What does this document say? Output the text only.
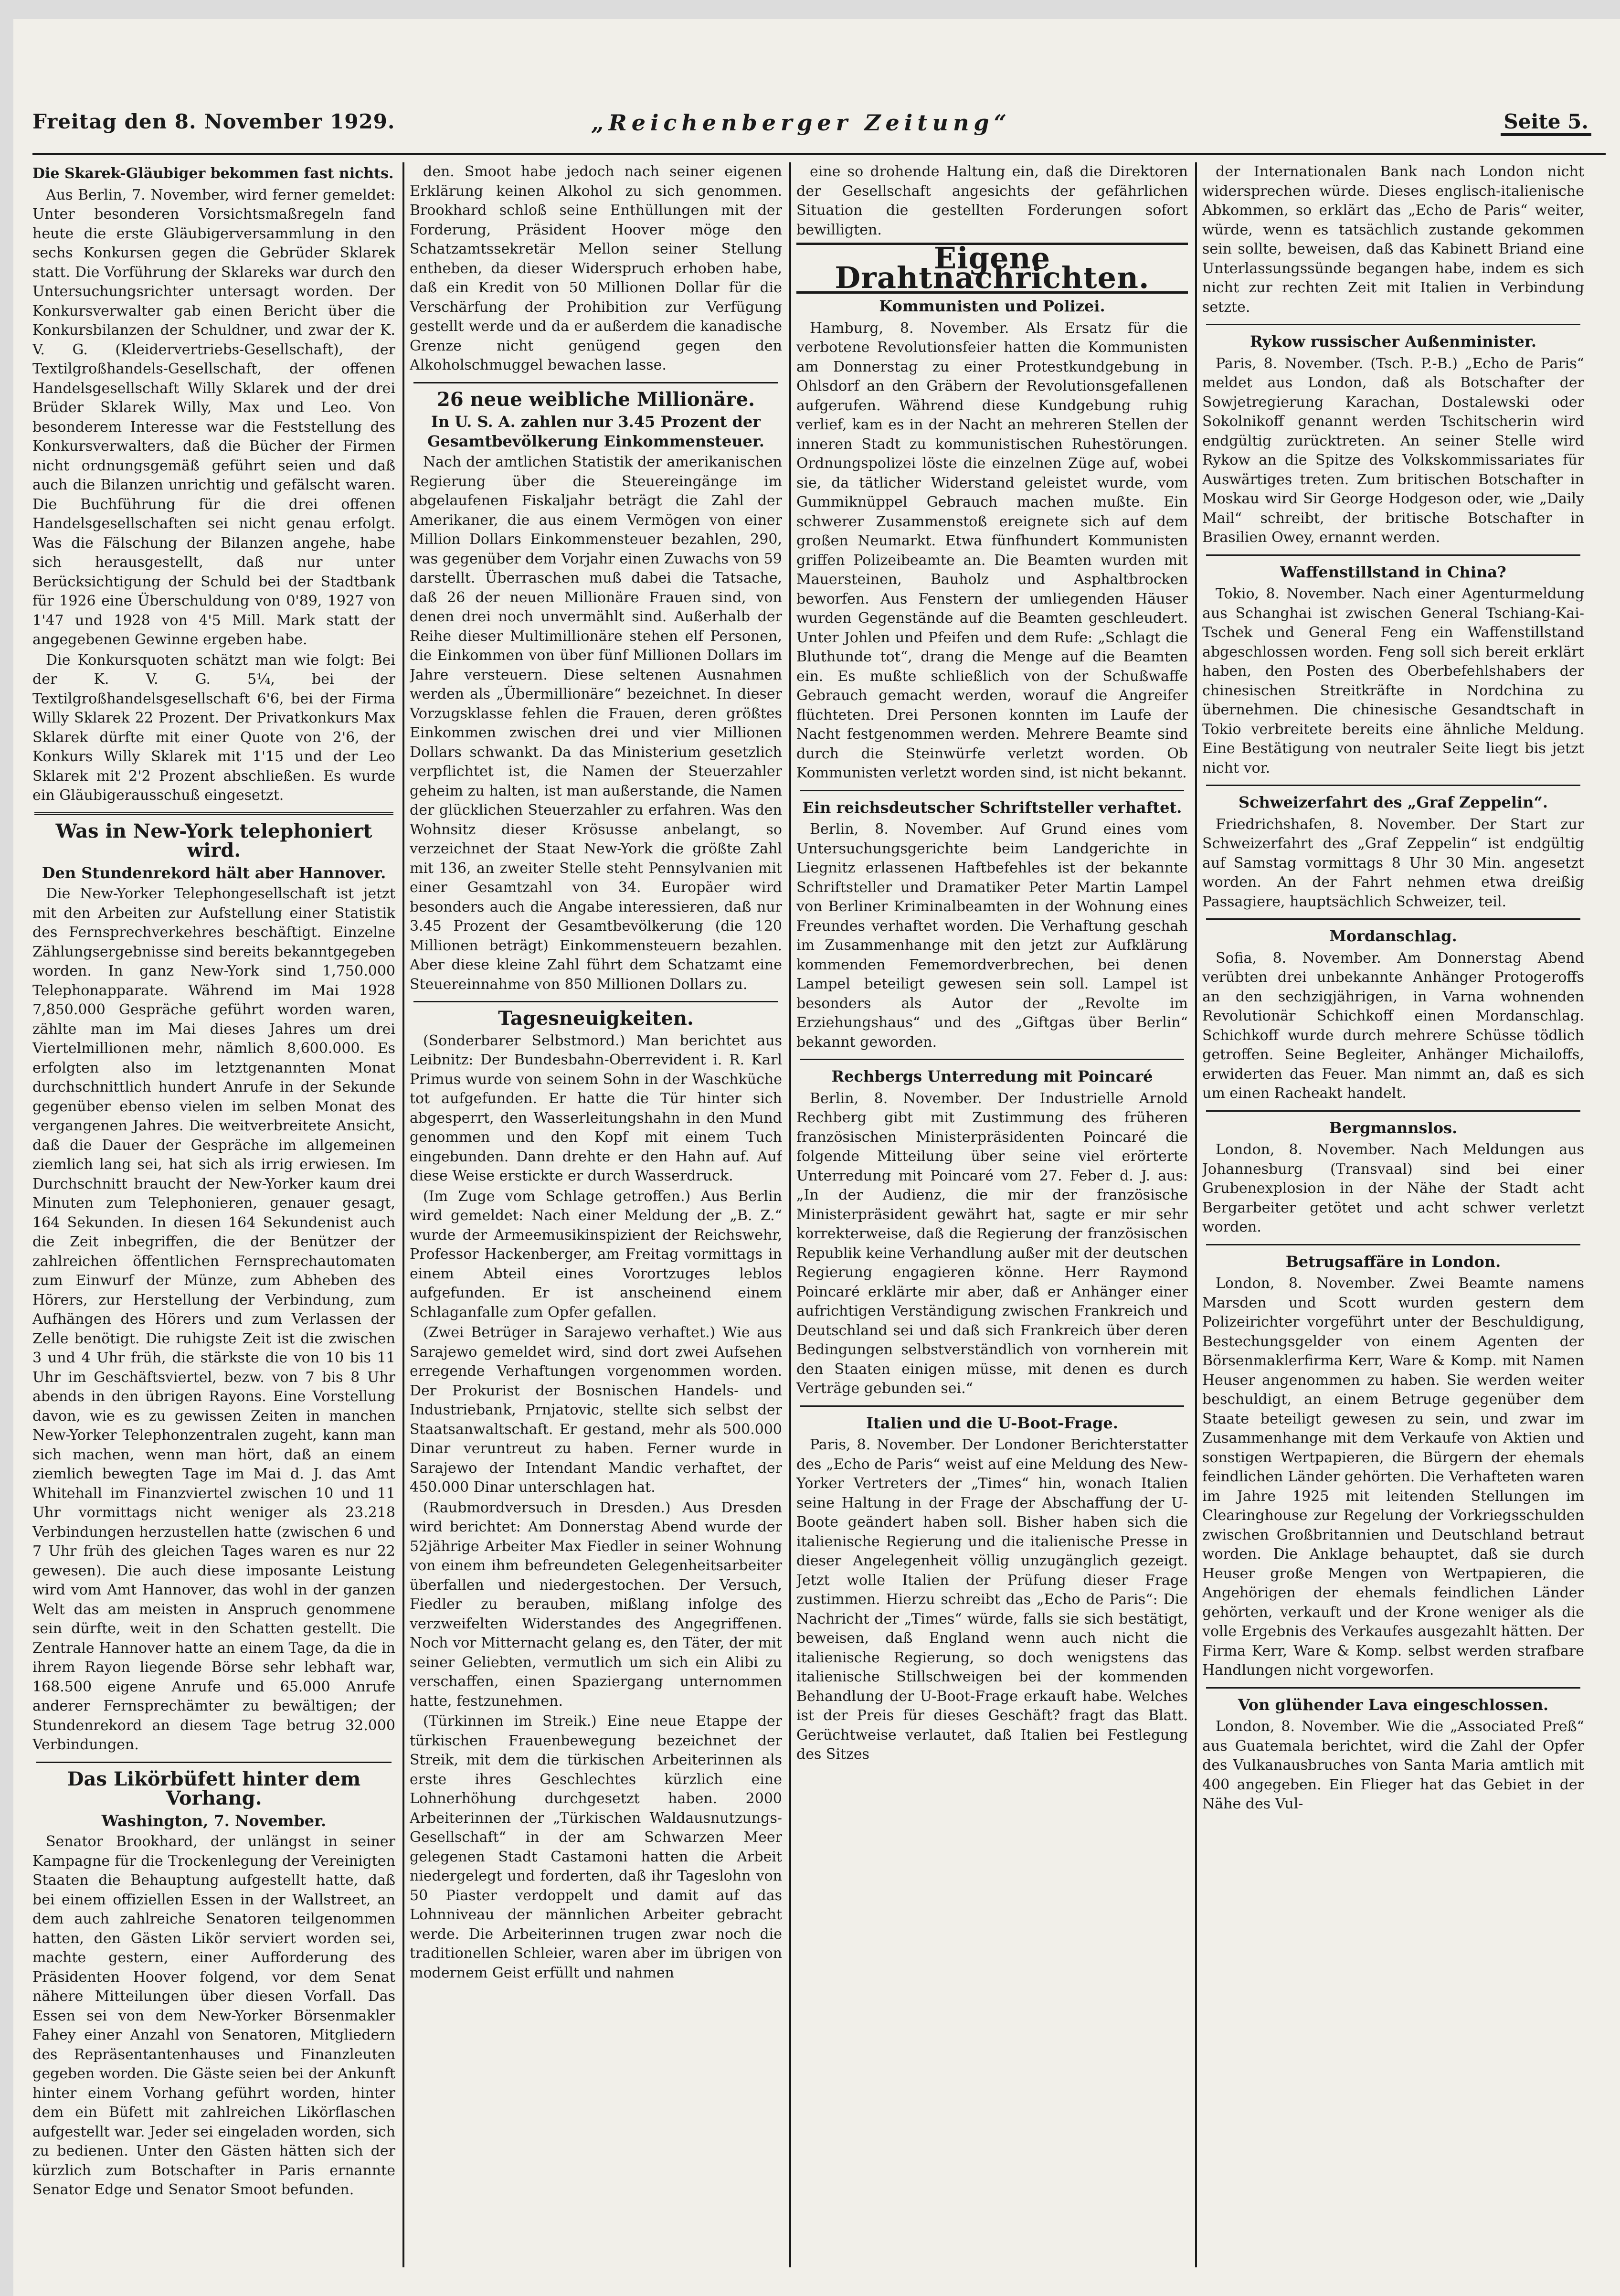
Freitag den 8. November 1929.	„Reichenberger Zeitung“	Seite 5.
Die Skarek-Gläubiger bekommen fast nichts.

Aus Berlin, 7. November, wird ferner gemeldet: Unter besonderen Vorsichtsmaßregeln fand heute die erste Gläubigerversammlung in den sechs Konkursen gegen die Gebrüder Sklarek statt. Die Vorführung der Sklareks war durch den Untersuchungsrichter untersagt worden. Der Konkursverwalter gab einen Bericht über die Konkursbilanzen der Schuldner, und zwar der K. V. G. (Kleidervertriebs-Gesellschaft), der Textilgroßhandels-Gesellschaft, der offenen Handelsgesellschaft Willy Sklarek und der drei Brüder Sklarek Willy, Max und Leo. Von besonderem Interesse war die Feststellung des Konkursverwalters, daß die Bücher der Firmen nicht ordnungsgemäß geführt seien und daß auch die Bilanzen unrichtig und gefälscht waren. Die Buchführung für die drei offenen Handelsgesellschaften sei nicht genau erfolgt. Was die Fälschung der Bilanzen angehe, habe sich herausgestellt, daß nur unter Berücksichtigung der Schuld bei der Stadtbank für 1926 eine Überschuldung von 0'89, 1927 von 1'47 und 1928 von 4'5 Mill. Mark statt der angegebenen Gewinne ergeben habe.

Die Konkursquoten schätzt man wie folgt: Bei der K. V. G. 5¼, bei der Textilgroßhandelsgesellschaft 6'6, bei der Firma Willy Sklarek 22 Prozent. Der Privatkonkurs Max Sklarek dürfte mit einer Quote von 2'6, der Konkurs Willy Sklarek mit 1'15 und der Leo Sklarek mit 2'2 Prozent abschließen. Es wurde ein Gläubigerausschuß eingesetzt.

Was in New-York telephoniert wird.
Den Stundenrekord hält aber Hannover.

Die New-Yorker Telephongesellschaft ist jetzt mit den Arbeiten zur Aufstellung einer Statistik des Fernsprechverkehres beschäftigt. Einzelne Zählungsergebnisse sind bereits bekanntgegeben worden. In ganz New-York sind 1,750.000 Telephonapparate. Während im Mai 1928 7,850.000 Gespräche geführt worden waren, zählte man im Mai dieses Jahres um drei Viertelmillionen mehr, nämlich 8,600.000. Es erfolgten also im letztgenannten Monat durchschnittlich hundert Anrufe in der Sekunde gegenüber ebenso vielen im selben Monat des vergangenen Jahres. Die weitverbreitete Ansicht, daß die Dauer der Gespräche im allgemeinen ziemlich lang sei, hat sich als irrig erwiesen. Im Durchschnitt braucht der New-Yorker kaum drei Minuten zum Telephonieren, genauer gesagt, 164 Sekunden. In diesen 164 Sekundenist auch die Zeit inbegriffen, die der Benützer der zahlreichen öffentlichen Fernsprechautomaten zum Einwurf der Münze, zum Abheben des Hörers, zur Herstellung der Verbindung, zum Aufhängen des Hörers und zum Verlassen der Zelle benötigt. Die ruhigste Zeit ist die zwischen 3 und 4 Uhr früh, die stärkste die von 10 bis 11 Uhr im Geschäftsviertel, bezw. von 7 bis 8 Uhr abends in den übrigen Rayons. Eine Vorstellung davon, wie es zu gewissen Zeiten in manchen New-Yorker Telephonzentralen zugeht, kann man sich machen, wenn man hört, daß an einem ziemlich bewegten Tage im Mai d. J. das Amt Whitehall im Finanzviertel zwischen 10 und 11 Uhr vormittags nicht weniger als 23.218 Verbindungen herzustellen hatte (zwischen 6 und 7 Uhr früh des gleichen Tages waren es nur 22 gewesen). Die auch diese imposante Leistung wird vom Amt Hannover, das wohl in der ganzen Welt das am meisten in Anspruch genommene sein dürfte, weit in den Schatten gestellt. Die Zentrale Hannover hatte an einem Tage, da die in ihrem Rayon liegende Börse sehr lebhaft war, 168.500 eigene Anrufe und 65.000 Anrufe anderer Fernsprechämter zu bewältigen; der Stundenrekord an diesem Tage betrug 32.000 Verbindungen.

Das Likörbüfett hinter dem Vorhang.
Washington, 7. November.

Senator Brookhard, der unlängst in seiner Kampagne für die Trockenlegung der Vereinigten Staaten die Behauptung aufgestellt hatte, daß bei einem offiziellen Essen in der Wallstreet, an dem auch zahlreiche Senatoren teilgenommen hatten, den Gästen Likör serviert worden sei, machte gestern, einer Aufforderung des Präsidenten Hoover folgend, vor dem Senat nähere Mitteilungen über diesen Vorfall. Das Essen sei von dem New-Yorker Börsenmakler Fahey einer Anzahl von Senatoren, Mitgliedern des Repräsentantenhauses und Finanzleuten gegeben worden. Die Gäste seien bei der Ankunft hinter einem Vorhang geführt worden, hinter dem ein Büfett mit zahlreichen Likörflaschen aufgestellt war. Jeder sei eingeladen worden, sich zu bedienen. Unter den Gästen hätten sich der kürzlich zum Botschafter in Paris ernannte Senator Edge und Senator Smoot befunden.

den. Smoot habe jedoch nach seiner eigenen Erklärung keinen Alkohol zu sich genommen. Brookhard schloß seine Enthüllungen mit der Forderung, Präsident Hoover möge den Schatzamtssekretär Mellon seiner Stellung entheben, da dieser Widerspruch erhoben habe, daß ein Kredit von 50 Millionen Dollar für die Verschärfung der Prohibition zur Verfügung gestellt werde und da er außerdem die kanadische Grenze nicht genügend gegen den Alkoholschmuggel bewachen lasse.

26 neue weibliche Millionäre.
In U. S. A. zahlen nur 3.45 Prozent der Gesamtbevölkerung Einkommensteuer.

Nach der amtlichen Statistik der amerikanischen Regierung über die Steuereingänge im abgelaufenen Fiskaljahr beträgt die Zahl der Amerikaner, die aus einem Vermögen von einer Million Dollars Einkommensteuer bezahlen, 290, was gegenüber dem Vorjahr einen Zuwachs von 59 darstellt. Überraschen muß dabei die Tatsache, daß 26 der neuen Millionäre Frauen sind, von denen drei noch unvermählt sind. Außerhalb der Reihe dieser Multimillionäre stehen elf Personen, die Einkommen von über fünf Millionen Dollars im Jahre versteuern. Diese seltenen Ausnahmen werden als „Übermillionäre“ bezeichnet. In dieser Vorzugsklasse fehlen die Frauen, deren größtes Einkommen zwischen drei und vier Millionen Dollars schwankt. Da das Ministerium gesetzlich verpflichtet ist, die Namen der Steuerzahler geheim zu halten, ist man außerstande, die Namen der glücklichen Steuerzahler zu erfahren. Was den Wohnsitz dieser Krösusse anbelangt, so verzeichnet der Staat New-York die größte Zahl mit 136, an zweiter Stelle steht Pennsylvanien mit einer Gesamtzahl von 34. Europäer wird besonders auch die Angabe interessieren, daß nur 3.45 Prozent der Gesamtbevölkerung (die 120 Millionen beträgt) Einkommensteuern bezahlen. Aber diese kleine Zahl führt dem Schatzamt eine Steuereinnahme von 850 Millionen Dollars zu.

Tagesneuigkeiten.

(Sonderbarer Selbstmord.) Man berichtet aus Leibnitz: Der Bundesbahn-Oberrevident i. R. Karl Primus wurde von seinem Sohn in der Waschküche tot aufgefunden. Er hatte die Tür hinter sich abgesperrt, den Wasserleitungshahn in den Mund genommen und den Kopf mit einem Tuch eingebunden. Dann drehte er den Hahn auf. Auf diese Weise erstickte er durch Wasserdruck.

(Im Zuge vom Schlage getroffen.) Aus Berlin wird gemeldet: Nach einer Meldung der „B. Z.“ wurde der Armeemusikinspizient der Reichswehr, Professor Hackenberger, am Freitag vormittags in einem Abteil eines Vorortzuges leblos aufgefunden. Er ist anscheinend einem Schlaganfalle zum Opfer gefallen.

(Zwei Betrüger in Sarajewo verhaftet.) Wie aus Sarajewo gemeldet wird, sind dort zwei Aufsehen erregende Verhaftungen vorgenommen worden. Der Prokurist der Bosnischen Handels- und Industriebank, Prnjatovic, stellte sich selbst der Staatsanwaltschaft. Er gestand, mehr als 500.000 Dinar veruntreut zu haben. Ferner wurde in Sarajewo der Intendant Mandic verhaftet, der 450.000 Dinar unterschlagen hat.

(Raubmordversuch in Dresden.) Aus Dresden wird berichtet: Am Donnerstag Abend wurde der 52jährige Arbeiter Max Fiedler in seiner Wohnung von einem ihm befreundeten Gelegenheitsarbeiter überfallen und niedergestochen. Der Versuch, Fiedler zu berauben, mißlang infolge des verzweifelten Widerstandes des Angegriffenen. Noch vor Mitternacht gelang es, den Täter, der mit seiner Geliebten, vermutlich um sich ein Alibi zu verschaffen, einen Spaziergang unternommen hatte, festzunehmen.

(Türkinnen im Streik.) Eine neue Etappe der türkischen Frauenbewegung bezeichnet der Streik, mit dem die türkischen Arbeiterinnen als erste ihres Geschlechtes kürzlich eine Lohnerhöhung durchgesetzt haben. 2000 Arbeiterinnen der „Türkischen Waldausnutzungs-Gesellschaft“ in der am Schwarzen Meer gelegenen Stadt Castamoni hatten die Arbeit niedergelegt und forderten, daß ihr Tageslohn von 50 Piaster verdoppelt und damit auf das Lohnniveau der männlichen Arbeiter gebracht werde. Die Arbeiterinnen trugen zwar noch die traditionellen Schleier, waren aber im übrigen von modernem Geist erfüllt und nahmen

eine so drohende Haltung ein, daß die Direktoren der Gesellschaft angesichts der gefährlichen Situation die gestellten Forderungen sofort bewilligten.

Eigene Drahtnachrichten.
Kommunisten und Polizei.

Hamburg, 8. November. Als Ersatz für die verbotene Revolutionsfeier hatten die Kommunisten am Donnerstag zu einer Protestkundgebung in Ohlsdorf an den Gräbern der Revolutionsgefallenen aufgerufen. Während diese Kundgebung ruhig verlief, kam es in der Nacht an mehreren Stellen der inneren Stadt zu kommunistischen Ruhestörungen. Ordnungspolizei löste die einzelnen Züge auf, wobei sie, da tätlicher Widerstand geleistet wurde, vom Gummiknüppel Gebrauch machen mußte. Ein schwerer Zusammenstoß ereignete sich auf dem großen Neumarkt. Etwa fünfhundert Kommunisten griffen Polizeibeamte an. Die Beamten wurden mit Mauersteinen, Bauholz und Asphaltbrocken beworfen. Aus Fenstern der umliegenden Häuser wurden Gegenstände auf die Beamten geschleudert. Unter Johlen und Pfeifen und dem Rufe: „Schlagt die Bluthunde tot“, drang die Menge auf die Beamten ein. Es mußte schließlich von der Schußwaffe Gebrauch gemacht werden, worauf die Angreifer flüchteten. Drei Personen konnten im Laufe der Nacht festgenommen werden. Mehrere Beamte sind durch die Steinwürfe verletzt worden. Ob Kommunisten verletzt worden sind, ist nicht bekannt.

Ein reichsdeutscher Schriftsteller verhaftet.

Berlin, 8. November. Auf Grund eines vom Untersuchungsgerichte beim Landgerichte in Liegnitz erlassenen Haftbefehles ist der bekannte Schriftsteller und Dramatiker Peter Martin Lampel von Berliner Kriminalbeamten in der Wohnung eines Freundes verhaftet worden. Die Verhaftung geschah im Zusammenhange mit den jetzt zur Aufklärung kommenden Fememordverbrechen, bei denen Lampel beteiligt gewesen sein soll. Lampel ist besonders als Autor der „Revolte im Erziehungshaus“ und des „Giftgas über Berlin“ bekannt geworden.

Rechbergs Unterredung mit Poincaré

Berlin, 8. November. Der Industrielle Arnold Rechberg gibt mit Zustimmung des früheren französischen Ministerpräsidenten Poincaré die folgende Mitteilung über seine viel erörterte Unterredung mit Poincaré vom 27. Feber d. J. aus: „In der Audienz, die mir der französische Ministerpräsident gewährt hat, sagte er mir sehr korrekterweise, daß die Regierung der französischen Republik keine Verhandlung außer mit der deutschen Regierung engagieren könne. Herr Raymond Poincaré erklärte mir aber, daß er Anhänger einer aufrichtigen Verständigung zwischen Frankreich und Deutschland sei und daß sich Frankreich über deren Bedingungen selbstverständlich von vornherein mit den Staaten einigen müsse, mit denen es durch Verträge gebunden sei.“

Italien und die U-Boot-Frage.

Paris, 8. November. Der Londoner Berichterstatter des „Echo de Paris“ weist auf eine Meldung des New-Yorker Vertreters der „Times“ hin, wonach Italien seine Haltung in der Frage der Abschaffung der U-Boote geändert haben soll. Bisher haben sich die italienische Regierung und die italienische Presse in dieser Angelegenheit völlig unzugänglich gezeigt. Jetzt wolle Italien der Prüfung dieser Frage zustimmen. Hierzu schreibt das „Echo de Paris“: Die Nachricht der „Times“ würde, falls sie sich bestätigt, beweisen, daß England wenn auch nicht die italienische Regierung, so doch wenigstens das italienische Stillschweigen bei der kommenden Behandlung der U-Boot-Frage erkauft habe. Welches ist der Preis für dieses Geschäft? fragt das Blatt. Gerüchtweise verlautet, daß Italien bei Festlegung des Sitzes

der Internationalen Bank nach London nicht widersprechen würde. Dieses englisch-italienische Abkommen, so erklärt das „Echo de Paris“ weiter, würde, wenn es tatsächlich zustande gekommen sein sollte, beweisen, daß das Kabinett Briand eine Unterlassungssünde begangen habe, indem es sich nicht zur rechten Zeit mit Italien in Verbindung setzte.

Rykow russischer Außenminister.

Paris, 8. November. (Tsch. P.-B.) „Echo de Paris“ meldet aus London, daß als Botschafter der Sowjetregierung Karachan, Dostalewski oder Sokolnikoff genannt werden Tschitscherin wird endgültig zurücktreten. An seiner Stelle wird Rykow an die Spitze des Volkskommissariates für Auswärtiges treten. Zum britischen Botschafter in Moskau wird Sir George Hodgeson oder, wie „Daily Mail“ schreibt, der britische Botschafter in Brasilien Owey, ernannt werden.

Waffenstillstand in China?

Tokio, 8. November. Nach einer Agenturmeldung aus Schanghai ist zwischen General Tschiang-Kai-Tschek und General Feng ein Waffenstillstand abgeschlossen worden. Feng soll sich bereit erklärt haben, den Posten des Oberbefehlshabers der chinesischen Streitkräfte in Nordchina zu übernehmen. Die chinesische Gesandtschaft in Tokio verbreitete bereits eine ähnliche Meldung. Eine Bestätigung von neutraler Seite liegt bis jetzt nicht vor.

Schweizerfahrt des „Graf Zeppelin“.

Friedrichshafen, 8. November. Der Start zur Schweizerfahrt des „Graf Zeppelin“ ist endgültig auf Samstag vormittags 8 Uhr 30 Min. angesetzt worden. An der Fahrt nehmen etwa dreißig Passagiere, hauptsächlich Schweizer, teil.

Mordanschlag.

Sofia, 8. November. Am Donnerstag Abend verübten drei unbekannte Anhänger Protogeroffs an den sechzigjährigen, in Varna wohnenden Revolutionär Schichkoff einen Mordanschlag. Schichkoff wurde durch mehrere Schüsse tödlich getroffen. Seine Begleiter, Anhänger Michailoffs, erwiderten das Feuer. Man nimmt an, daß es sich um einen Racheakt handelt.

Bergmannslos.

London, 8. November. Nach Meldungen aus Johannesburg (Transvaal) sind bei einer Grubenexplosion in der Nähe der Stadt acht Bergarbeiter getötet und acht schwer verletzt worden.

Betrugsaffäre in London.

London, 8. November. Zwei Beamte namens Marsden und Scott wurden gestern dem Polizeirichter vorgeführt unter der Beschuldigung, Bestechungsgelder von einem Agenten der Börsenmaklerfirma Kerr, Ware & Komp. mit Namen Heuser angenommen zu haben. Sie werden weiter beschuldigt, an einem Betruge gegenüber dem Staate beteiligt gewesen zu sein, und zwar im Zusammenhange mit dem Verkaufe von Aktien und sonstigen Wertpapieren, die Bürgern der ehemals feindlichen Länder gehörten. Die Verhafteten waren im Jahre 1925 mit leitenden Stellungen im Clearinghouse zur Regelung der Vorkriegsschulden zwischen Großbritannien und Deutschland betraut worden. Die Anklage behauptet, daß sie durch Heuser große Mengen von Wertpapieren, die Angehörigen der ehemals feindlichen Länder gehörten, verkauft und der Krone weniger als die volle Ergebnis des Verkaufes ausgezahlt hätten. Der Firma Kerr, Ware & Komp. selbst werden strafbare Handlungen nicht vorgeworfen.

Von glühender Lava eingeschlossen.

London, 8. November. Wie die „Associated Preß“ aus Guatemala berichtet, wird die Zahl der Opfer des Vulkanausbruches von Santa Maria amtlich mit 400 angegeben. Ein Flieger hat das Gebiet in der Nähe des Vul-
